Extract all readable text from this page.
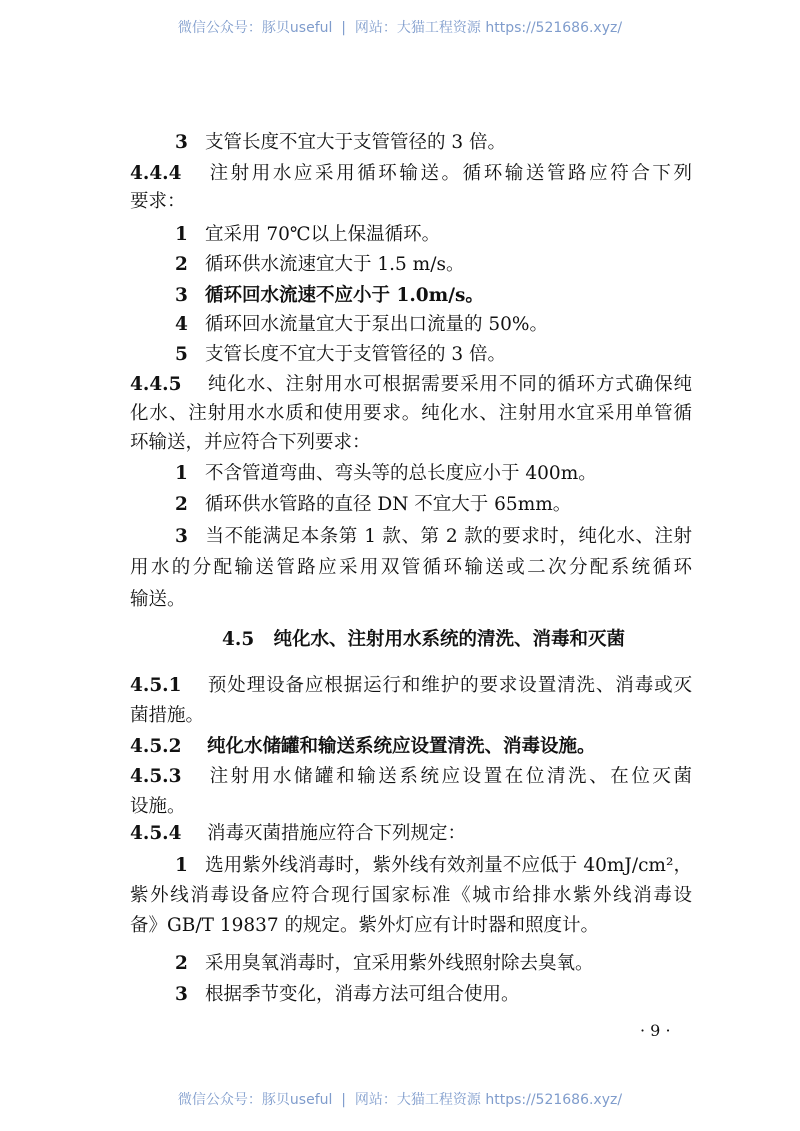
微信公众号：豚贝useful  |  网站：大猫工程资源 https://521686.xyz/
3 支管长度不宜大于支管管径的 3 倍。
4.4.4 注射用水应采用循环输送。循环输送管路应符合下列
要求：
1 宜采用 70℃以上保温循环。
2 循环供水流速宜大于 1.5 m/s。
3 循环回水流速不应小于 1.0m/s。
4 循环回水流量宜大于泵出口流量的 50%。
5 支管长度不宜大于支管管径的 3 倍。
4.4.5 纯化水、注射用水可根据需要采用不同的循环方式确保纯
化水、注射用水水质和使用要求。纯化水、注射用水宜采用单管循
环输送，并应符合下列要求：
1 不含管道弯曲、弯头等的总长度应小于 400m。
2 循环供水管路的直径 DN 不宜大于 65mm。
3 当不能满足本条第 1 款、第 2 款的要求时，纯化水、注射
用水的分配输送管路应采用双管循环输送或二次分配系统循环
输送。
4.5.1 预处理设备应根据运行和维护的要求设置清洗、消毒或灭
菌措施。
4.5.2 纯化水储罐和输送系统应设置清洗、消毒设施。
4.5.3 注射用水储罐和输送系统应设置在位清洗、在位灭菌
设施。
4.5.4 消毒灭菌措施应符合下列规定：
1 选用紫外线消毒时，紫外线有效剂量不应低于 40mJ/cm²，
紫外线消毒设备应符合现行国家标准《城市给排水紫外线消毒设
备》GB/T 19837 的规定。紫外灯应有计时器和照度计。
2 采用臭氧消毒时，宜采用紫外线照射除去臭氧。
3 根据季节变化，消毒方法可组合使用。
4.5   纯化水、注射用水系统的清洗、消毒和灭菌
· 9 ·
微信公众号：豚贝useful  |  网站：大猫工程资源 https://521686.xyz/
